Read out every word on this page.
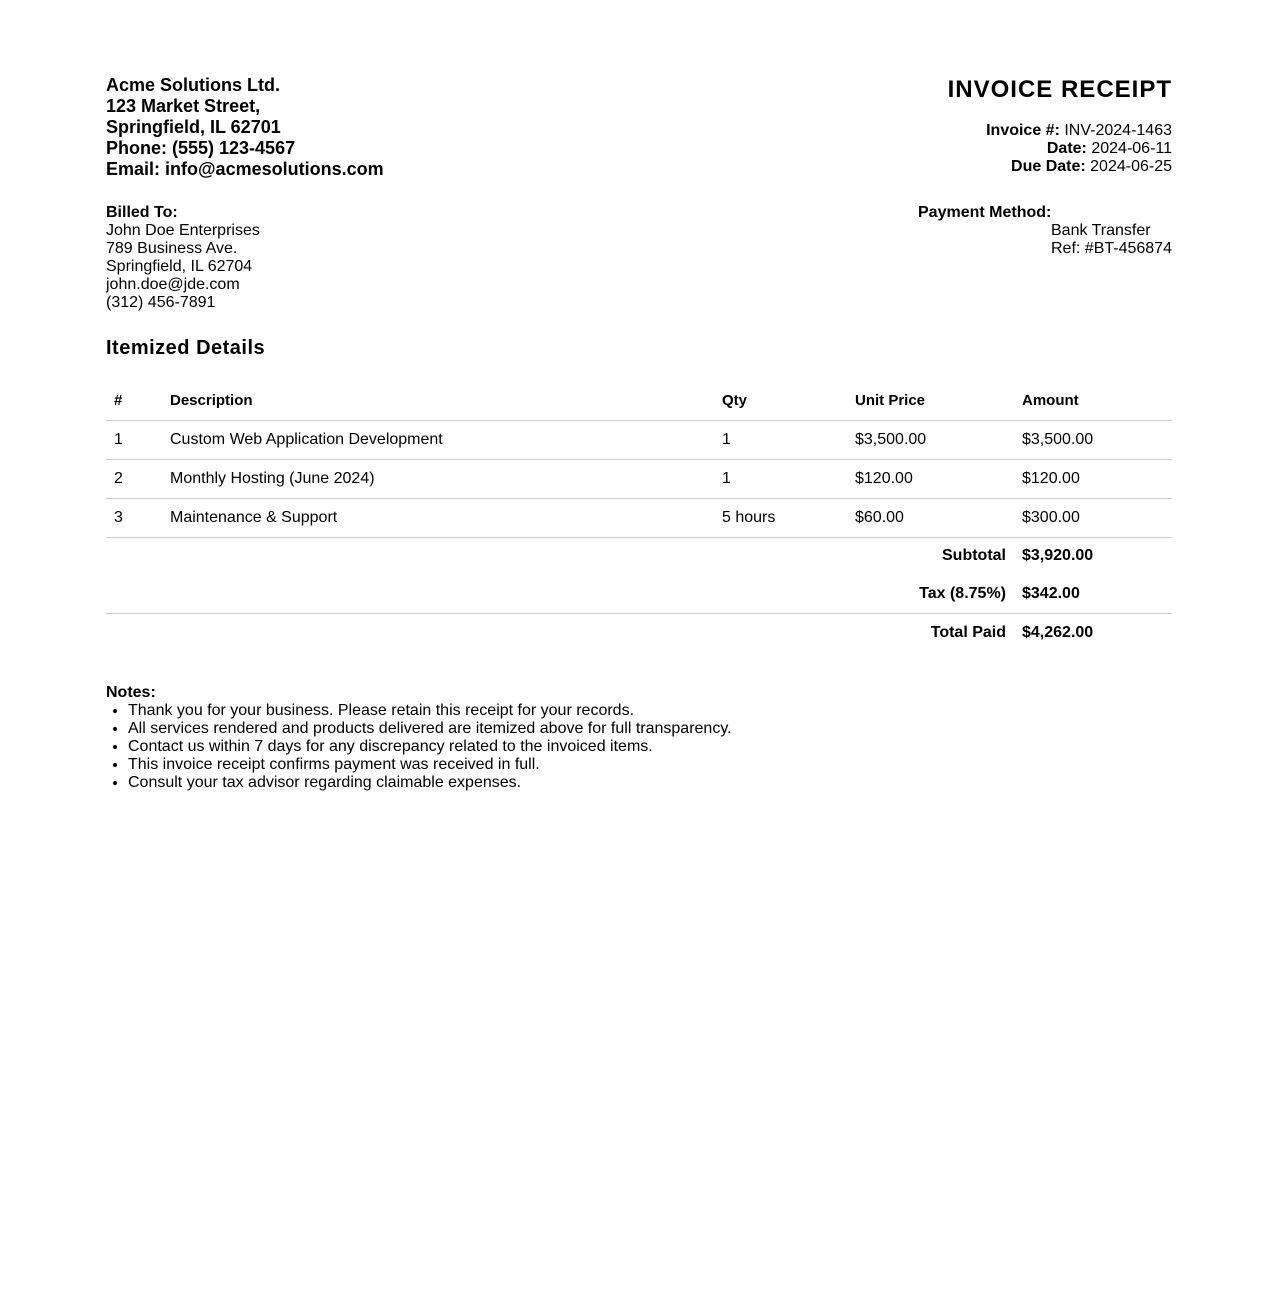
Acme Solutions Ltd.
123 Market Street,
Springfield, IL 62701
Phone: (555) 123-4567
Email: info@acmesolutions.com
INVOICE RECEIPT
Invoice #: INV-2024-1463
Date: 2024-06-11
Due Date: 2024-06-25
Billed To:
John Doe Enterprises
789 Business Ave.
Springfield, IL 62704
john.doe@jde.com
(312) 456-7891
Payment Method:
Bank Transfer
Ref: #BT-456874
Itemized Details
#	Description	Qty	Unit Price	Amount
1	Custom Web Application Development	1	$3,500.00	$3,500.00
2	Monthly Hosting (June 2024)	1	$120.00	$120.00
3	Maintenance & Support	5 hours	$60.00	$300.00
Subtotal				$3,920.00
Tax (8.75%)				$342.00
Total Paid				$4,262.00
Notes:
• Thank you for your business. Please retain this receipt for your records.
• All services rendered and products delivered are itemized above for full transparency.
• Contact us within 7 days for any discrepancy related to the invoiced items.
• This invoice receipt confirms payment was received in full.
• Consult your tax advisor regarding claimable expenses.
